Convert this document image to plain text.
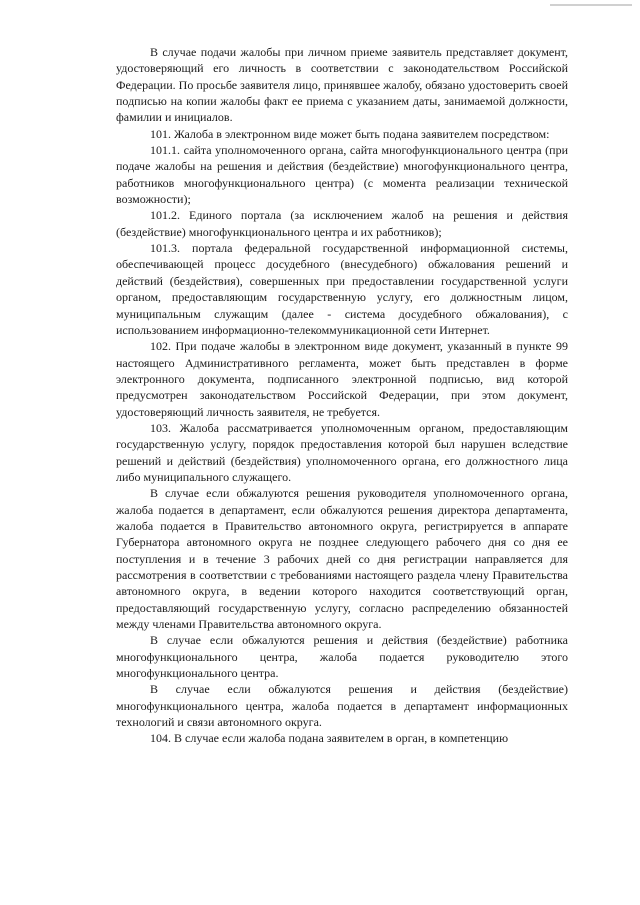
В случае подачи жалобы при личном приеме заявитель представляет документ, удостоверяющий его личность в соответствии с законодательством Российской Федерации. По просьбе заявителя лицо, принявшее жалобу, обязано удостоверить своей подписью на копии жалобы факт ее приема с указанием даты, занимаемой должности, фамилии и инициалов.

101. Жалоба в электронном виде может быть подана заявителем посредством:

101.1. сайта уполномоченного органа, сайта многофункционального центра (при подаче жалобы на решения и действия (бездействие) многофункционального центра, работников многофункционального центра) (с момента реализации технической возможности);

101.2. Единого портала (за исключением жалоб на решения и действия (бездействие) многофункционального центра и их работников);

101.3. портала федеральной государственной информационной системы, обеспечивающей процесс досудебного (внесудебного) обжалования решений и действий (бездействия), совершенных при предоставлении государственной услуги органом, предоставляющим государственную услугу, его должностным лицом, муниципальным служащим (далее - система досудебного обжалования), с использованием информационно-телекоммуникационной сети Интернет.

102. При подаче жалобы в электронном виде документ, указанный в пункте 99 настоящего Административного регламента, может быть представлен в форме электронного документа, подписанного электронной подписью, вид которой предусмотрен законодательством Российской Федерации, при этом документ, удостоверяющий личность заявителя, не требуется.

103. Жалоба рассматривается уполномоченным органом, предоставляющим государственную услугу, порядок предоставления которой был нарушен вследствие решений и действий (бездействия) уполномоченного органа, его должностного лица либо муниципального служащего.

В случае если обжалуются решения руководителя уполномоченного органа, жалоба подается в департамент, если обжалуются решения директора департамента, жалоба подается в Правительство автономного округа, регистрируется в аппарате Губернатора автономного округа не позднее следующего рабочего дня со дня ее поступления и в течение 3 рабочих дней со дня регистрации направляется для рассмотрения в соответствии с требованиями настоящего раздела члену Правительства автономного округа, в ведении которого находится соответствующий орган, предоставляющий государственную услугу, согласно распределению обязанностей между членами Правительства автономного округа.

В случае если обжалуются решения и действия (бездействие) работника многофункционального центра, жалоба подается руководителю этого многофункционального центра.

В случае если обжалуются решения и действия (бездействие) многофункционального центра, жалоба подается в департамент информационных технологий и связи автономного округа.

104. В случае если жалоба подана заявителем в орган, в компетенцию
